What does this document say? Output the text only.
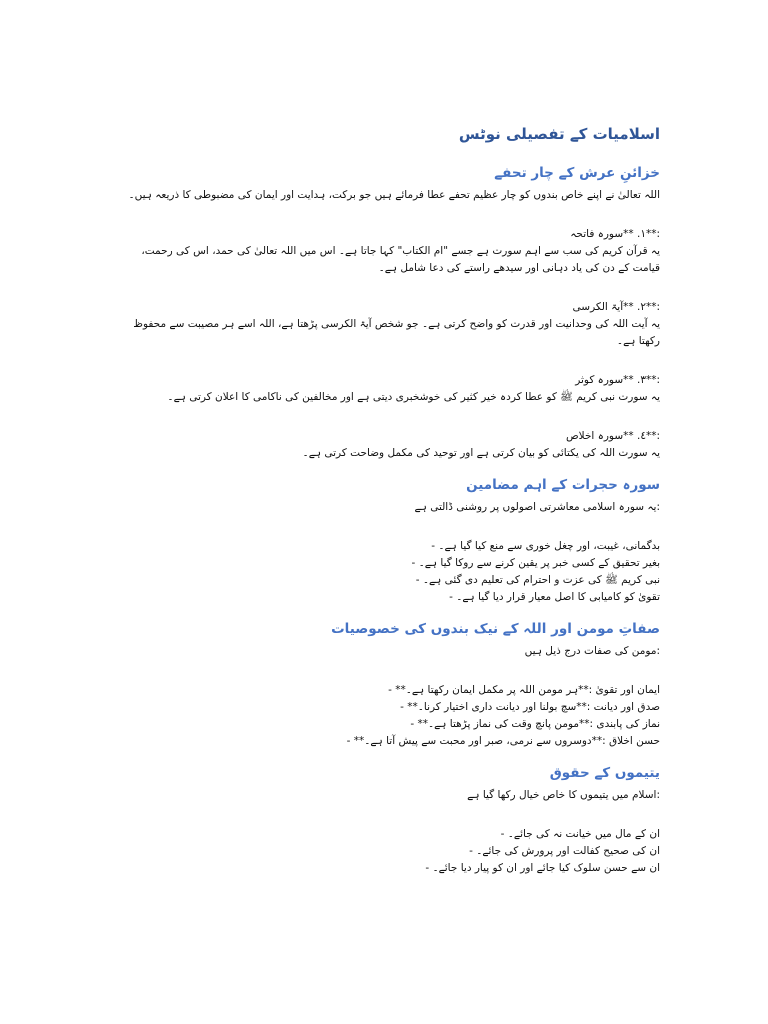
اسلامیات کے تفصیلی نوٹس
خزائنِ عرش کے چار تحفے

اللہ تعالیٰ نے اپنے خاص بندوں کو چار عظیم تحفے عطا فرمائے ہیں جو برکت، ہدایت اور ایمان کی مضبوطی کا ذریعہ ہیں۔

:**۱. **سورہ فاتحہ

یہ قرآن کریم کی سب سے اہم سورت ہے جسے "ام الکتاب" کہا جاتا ہے۔ اس میں اللہ تعالیٰ کی حمد، اس کی رحمت، قیامت کے دن کی یاد دہانی اور سیدھے راستے کی دعا شامل ہے۔

:**۲. **آیۃ الکرسی

یہ آیت اللہ کی وحدانیت اور قدرت کو واضح کرتی ہے۔ جو شخص آیۃ الکرسی پڑھتا ہے، اللہ اسے ہر مصیبت سے محفوظ رکھتا ہے۔

:**۳. **سورہ کوثر

یہ سورت نبی کریم ﷺ کو عطا کردہ خیر کثیر کی خوشخبری دیتی ہے اور مخالفین کی ناکامی کا اعلان کرتی ہے۔

:**٤. **سورہ اخلاص

یہ سورت اللہ کی یکتائی کو بیان کرتی ہے اور توحید کی مکمل وضاحت کرتی ہے۔

سورہ حجرات کے اہم مضامین

:یہ سورہ اسلامی معاشرتی اصولوں پر روشنی ڈالتی ہے

بدگمانی، غیبت، اور چغل خوری سے منع کیا گیا ہے۔ -

بغیر تحقیق کے کسی خبر پر یقین کرنے سے روکا گیا ہے۔ -

نبی کریم ﷺ کی عزت و احترام کی تعلیم دی گئی ہے۔ -

تقویٰ کو کامیابی کا اصل معیار قرار دیا گیا ہے۔ -

صفاتِ مومن اور اللہ کے نیک بندوں کی خصوصیات

:مومن کی صفات درج ذیل ہیں

ایمان اور تقویٰ :**ہر مومن اللہ پر مکمل ایمان رکھتا ہے۔** -

صدق اور دیانت :**سچ بولنا اور دیانت داری اختیار کرنا۔** -

نماز کی پابندی :**مومن پانچ وقت کی نماز پڑھتا ہے۔** -

حسن اخلاق :**دوسروں سے نرمی، صبر اور محبت سے پیش آتا ہے۔** -

یتیموں کے حقوق

:اسلام میں یتیموں کا خاص خیال رکھا گیا ہے

ان کے مال میں خیانت نہ کی جائے۔ -

ان کی صحیح کفالت اور پرورش کی جائے۔ -

ان سے حسن سلوک کیا جائے اور ان کو پیار دیا جائے۔ -
